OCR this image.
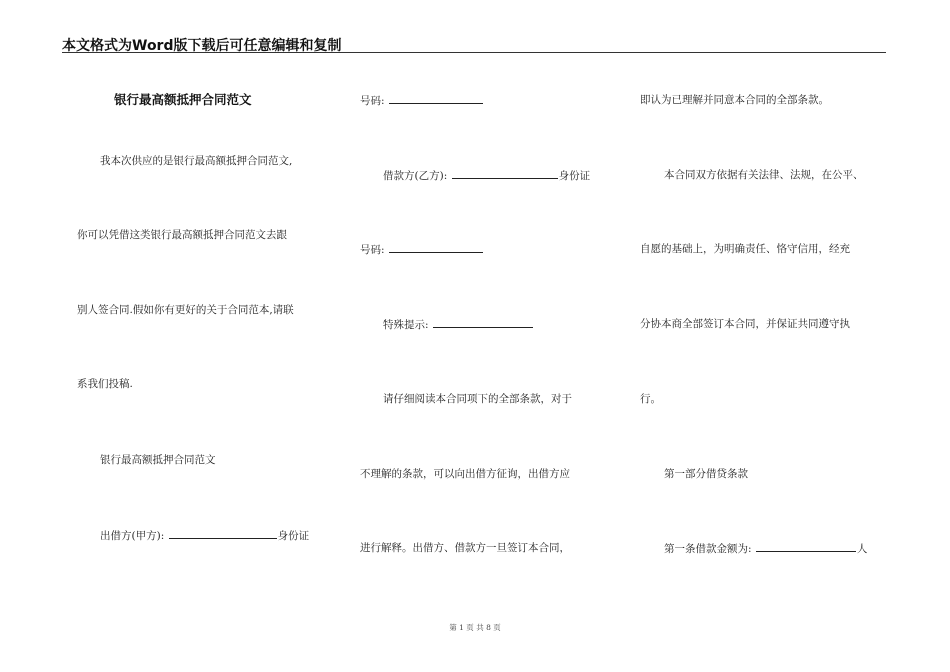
本文格式为Word版下载后可任意编辑和复制
银行最高额抵押合同范文
我本次供应的是银行最高额抵押合同范文,
你可以凭借这类银行最高额抵押合同范文去跟
别人签合同.假如你有更好的关于合同范本,请联
系我们投稿.
银行最高额抵押合同范文
出借方(甲方):	身份证
号码:
借款方(乙方):	身份证
号码:
特殊提示:
请仔细阅读本合同项下的全部条款，对于
不理解的条款，可以向出借方征询，出借方应
进行解释。出借方、借款方一旦签订本合同，
即认为已理解并同意本合同的全部条款。
本合同双方依据有关法律、法规，在公平、
自愿的基础上，为明确责任、恪守信用，经充
分协本商全部签订本合同，并保证共同遵守执
行。
第一部分借贷条款
第一条借款金额为:	人
第 1 页 共 8 页
